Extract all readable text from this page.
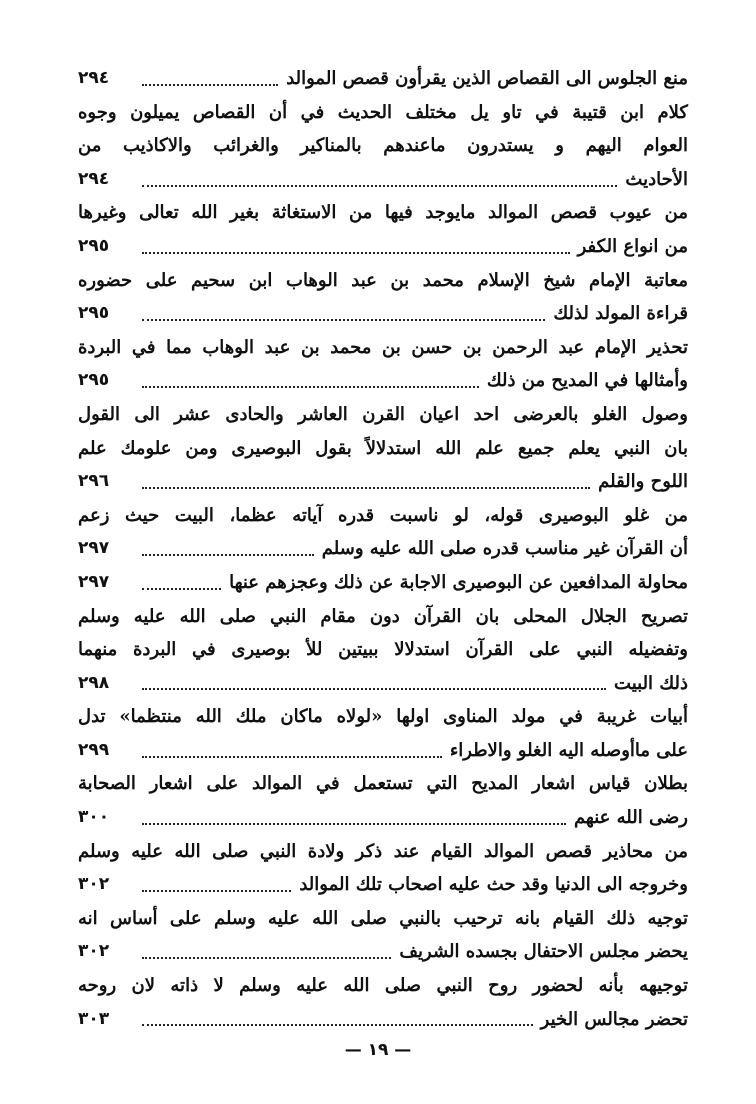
منع الجلوس الى القصاص الذين يقرأون قصص الموالد
٢٩٤
كلام ابن قتيبة في تاو يل مختلف الحديث في أن القصاص يميلون وجوه
العوام اليهم و يستدرون ماعندهم بالمناكير والغرائب والاكاذيب من
الأحاديث
٢٩٤
من عيوب قصص الموالد مايوجد فيها من الاستغاثة بغير الله تعالى وغيرها
من انواع الكفر
٢٩٥
معاتبة الإمام شيخ الإسلام محمد بن عبد الوهاب ابن سحيم على حضوره
قراءة المولد لذلك
٢٩٥
تحذير الإمام عبد الرحمن بن حسن بن محمد بن عبد الوهاب مما في البردة
وأمثالها في المديح من ذلك
٢٩٥
وصول الغلو بالعرضى احد اعيان القرن العاشر والحادى عشر الى القول
بان النبي يعلم جميع علم الله استدلالاً بقول البوصيرى ومن علومك علم
اللوح والقلم
٢٩٦
من غلو البوصيرى قوله، لو ناسبت قدره آياته عظما، البيت حيث زعم
أن القرآن غير مناسب قدره صلى الله عليه وسلم
٢٩٧
محاولة المدافعين عن البوصيرى الاجابة عن ذلك وعجزهم عنها
٢٩٧
تصريح الجلال المحلى بان القرآن دون مقام النبي صلى الله عليه وسلم
وتفضيله النبي على القرآن استدلالا ببيتين للأ بوصيرى في البردة منهما
ذلك البيت
٢٩٨
أبيات غريبة في مولد المناوى اولها «لولاه ماكان ملك الله منتظما» تدل
على ماأوصله اليه الغلو والاطراء
٢٩٩
بطلان قياس اشعار المديح التي تستعمل في الموالد على اشعار الصحابة
رضى الله عنهم
٣٠٠
من محاذير قصص الموالد القيام عند ذكر ولادة النبي صلى الله عليه وسلم
وخروجه الى الدنيا وقد حث عليه اصحاب تلك الموالد
٣٠٢
توجيه ذلك القيام بانه ترحيب بالنبي صلى الله عليه وسلم على أساس انه
يحضر مجلس الاحتفال بجسده الشريف
٣٠٢
توجيهه بأنه لحضور روح النبي صلى الله عليه وسلم لا ذاته لان روحه
تحضر مجالس الخير
٣٠٣
— ١٩ —
